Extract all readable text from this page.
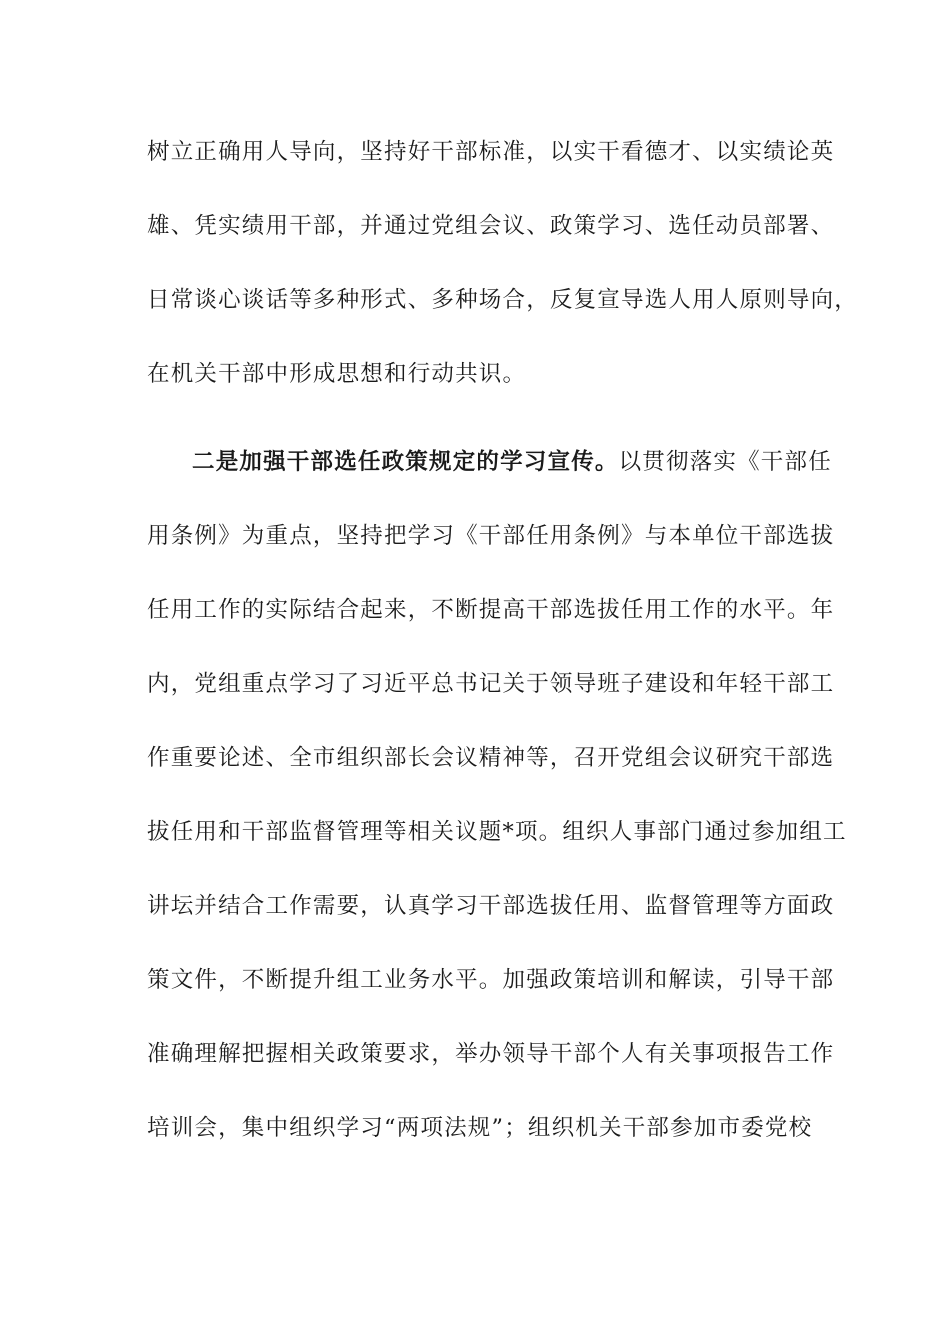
树立正确用人导向，坚持好干部标准，以实干看德才、以实绩论英
雄、凭实绩用干部，并通过党组会议、政策学习、选任动员部署、
日常谈心谈话等多种形式、多种场合，反复宣导选人用人原则导向，
在机关干部中形成思想和行动共识。
二是加强干部选任政策规定的学习宣传。以贯彻落实《干部任
用条例》为重点，坚持把学习《干部任用条例》与本单位干部选拔
任用工作的实际结合起来，不断提高干部选拔任用工作的水平。年
内，党组重点学习了习近平总书记关于领导班子建设和年轻干部工
作重要论述、全市组织部长会议精神等，召开党组会议研究干部选
拔任用和干部监督管理等相关议题*项。组织人事部门通过参加组工
讲坛并结合工作需要，认真学习干部选拔任用、监督管理等方面政
策文件，不断提升组工业务水平。加强政策培训和解读，引导干部
准确理解把握相关政策要求，举办领导干部个人有关事项报告工作
培训会，集中组织学习“两项法规”；组织机关干部参加市委党校
